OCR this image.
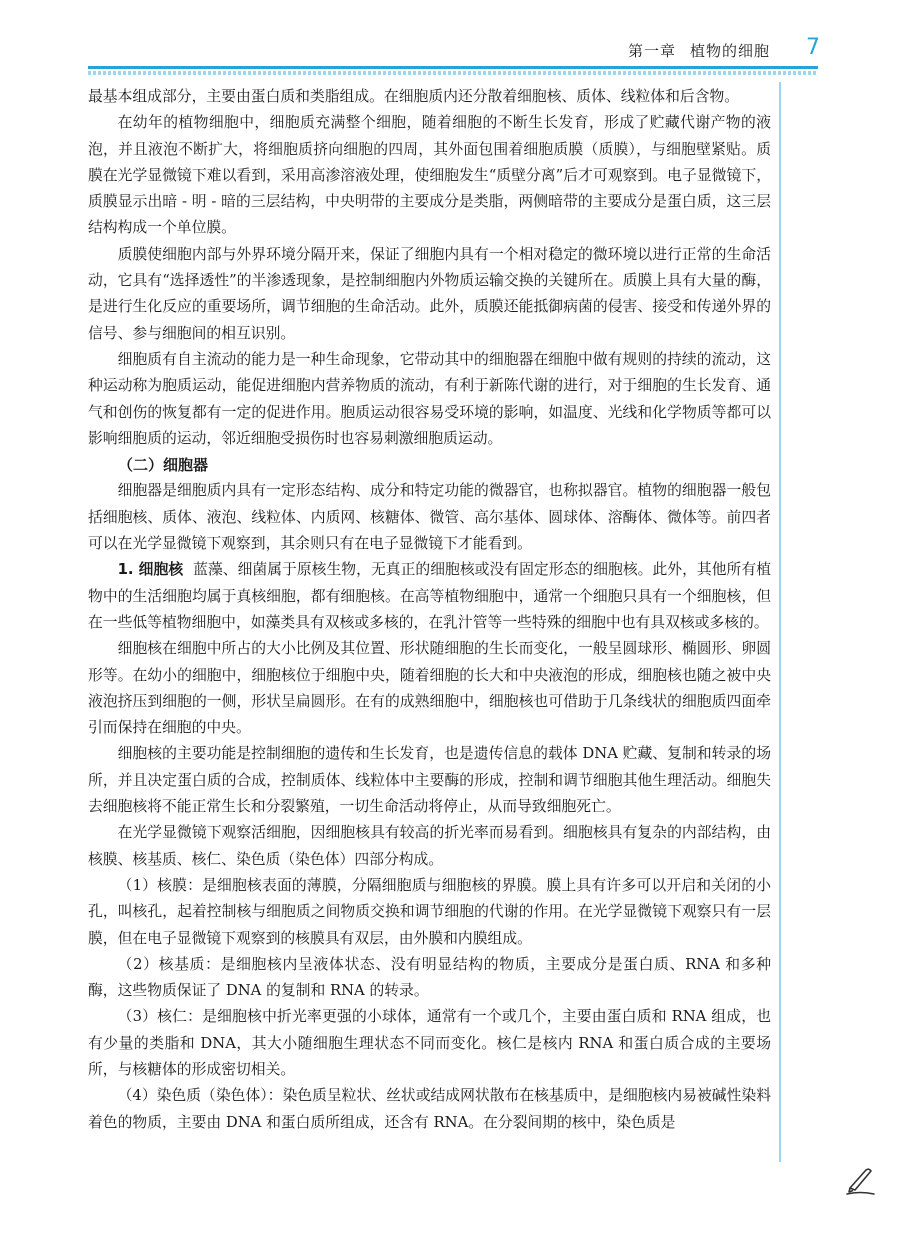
第一章 植物的细胞 7

最基本组成部分，主要由蛋白质和类脂组成。在细胞质内还分散着细胞核、质体、线粒体和后含物。

在幼年的植物细胞中，细胞质充满整个细胞，随着细胞的不断生长发育，形成了贮藏代谢产物的液泡，并且液泡不断扩大，将细胞质挤向细胞的四周，其外面包围着细胞质膜（质膜），与细胞壁紧贴。质膜在光学显微镜下难以看到，采用高渗溶液处理，使细胞发生“质壁分离”后才可观察到。电子显微镜下，质膜显示出暗 - 明 - 暗的三层结构，中央明带的主要成分是类脂，两侧暗带的主要成分是蛋白质，这三层结构构成一个单位膜。

质膜使细胞内部与外界环境分隔开来，保证了细胞内具有一个相对稳定的微环境以进行正常的生命活动，它具有“选择透性”的半渗透现象，是控制细胞内外物质运输交换的关键所在。质膜上具有大量的酶，是进行生化反应的重要场所，调节细胞的生命活动。此外，质膜还能抵御病菌的侵害、接受和传递外界的信号、参与细胞间的相互识别。

细胞质有自主流动的能力是一种生命现象，它带动其中的细胞器在细胞中做有规则的持续的流动，这种运动称为胞质运动，能促进细胞内营养物质的流动，有利于新陈代谢的进行，对于细胞的生长发育、通气和创伤的恢复都有一定的促进作用。胞质运动很容易受环境的影响，如温度、光线和化学物质等都可以影响细胞质的运动，邻近细胞受损伤时也容易刺激细胞质运动。

（二）细胞器

细胞器是细胞质内具有一定形态结构、成分和特定功能的微器官，也称拟器官。植物的细胞器一般包括细胞核、质体、液泡、线粒体、内质网、核糖体、微管、高尔基体、圆球体、溶酶体、微体等。前四者可以在光学显微镜下观察到，其余则只有在电子显微镜下才能看到。

1. 细胞核 蓝藻、细菌属于原核生物，无真正的细胞核或没有固定形态的细胞核。此外，其他所有植物中的生活细胞均属于真核细胞，都有细胞核。在高等植物细胞中，通常一个细胞只具有一个细胞核，但在一些低等植物细胞中，如藻类具有双核或多核的，在乳汁管等一些特殊的细胞中也有具双核或多核的。

细胞核在细胞中所占的大小比例及其位置、形状随细胞的生长而变化，一般呈圆球形、椭圆形、卵圆形等。在幼小的细胞中，细胞核位于细胞中央，随着细胞的长大和中央液泡的形成，细胞核也随之被中央液泡挤压到细胞的一侧，形状呈扁圆形。在有的成熟细胞中，细胞核也可借助于几条线状的细胞质四面牵引而保持在细胞的中央。

细胞核的主要功能是控制细胞的遗传和生长发育，也是遗传信息的载体 DNA 贮藏、复制和转录的场所，并且决定蛋白质的合成，控制质体、线粒体中主要酶的形成，控制和调节细胞其他生理活动。细胞失去细胞核将不能正常生长和分裂繁殖，一切生命活动将停止，从而导致细胞死亡。

在光学显微镜下观察活细胞，因细胞核具有较高的折光率而易看到。细胞核具有复杂的内部结构，由核膜、核基质、核仁、染色质（染色体）四部分构成。

（1）核膜：是细胞核表面的薄膜，分隔细胞质与细胞核的界膜。膜上具有许多可以开启和关闭的小孔，叫核孔，起着控制核与细胞质之间物质交换和调节细胞的代谢的作用。在光学显微镜下观察只有一层膜，但在电子显微镜下观察到的核膜具有双层，由外膜和内膜组成。

（2）核基质：是细胞核内呈液体状态、没有明显结构的物质，主要成分是蛋白质、RNA 和多种酶，这些物质保证了 DNA 的复制和 RNA 的转录。

（3）核仁：是细胞核中折光率更强的小球体，通常有一个或几个，主要由蛋白质和 RNA 组成，也有少量的类脂和 DNA，其大小随细胞生理状态不同而变化。核仁是核内 RNA 和蛋白质合成的主要场所，与核糖体的形成密切相关。

（4）染色质（染色体）：染色质呈粒状、丝状或结成网状散布在核基质中，是细胞核内易被碱性染料着色的物质，主要由 DNA 和蛋白质所组成，还含有 RNA。在分裂间期的核中，染色质是
